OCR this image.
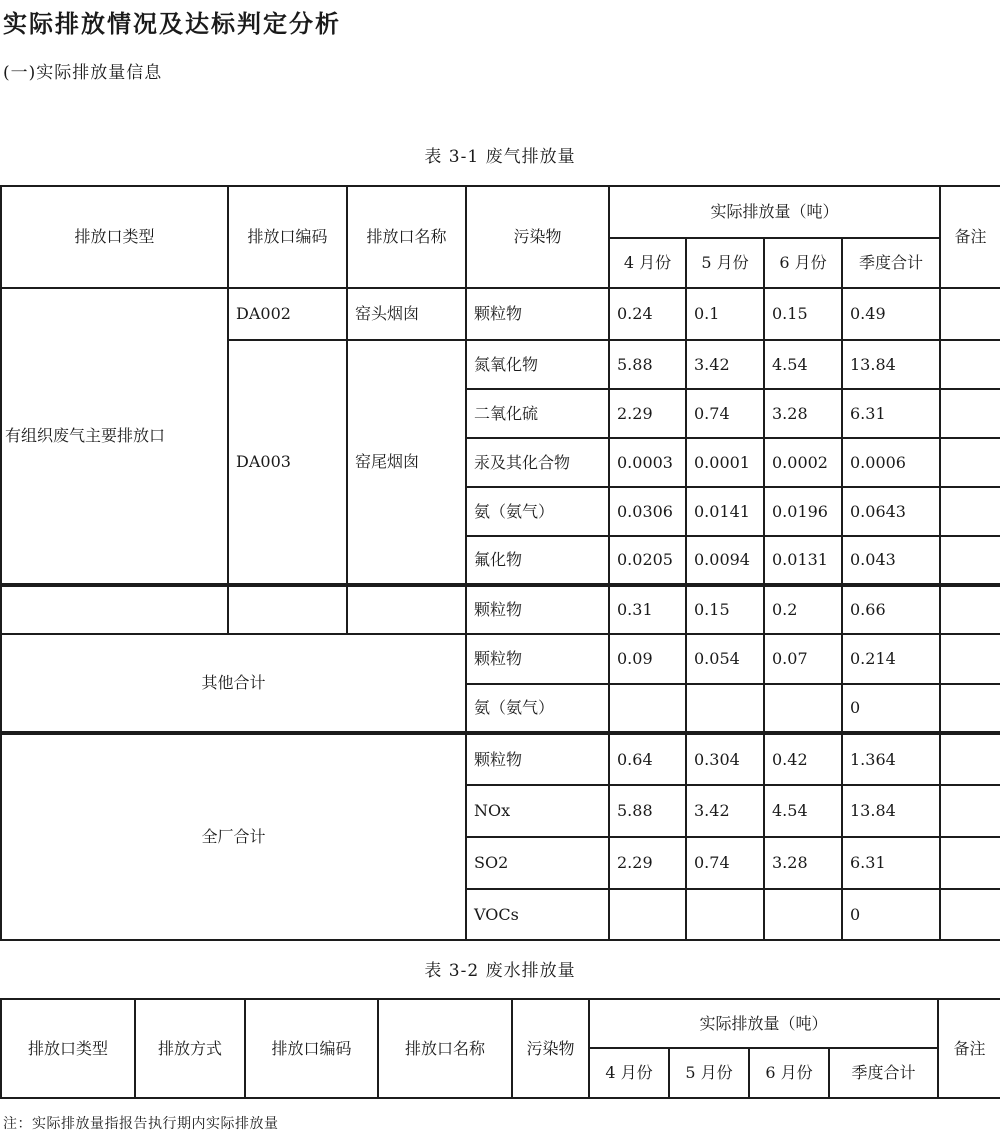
实际排放情况及达标判定分析
(一)实际排放量信息
表 3-1 废气排放量
排放口类型	排放口编码	排放口名称	污染物	实际排放量（吨）				备注
				4 月份	5 月份	6 月份	季度合计	
有组织废气主要排放口	DA002	窑头烟囱	颗粒物	0.24	0.1	0.15	0.49	
	DA003	窑尾烟囱	氮氧化物	5.88	3.42	4.54	13.84	
			二氧化硫	2.29	0.74	3.28	6.31	
			汞及其化合物	0.0003	0.0001	0.0002	0.0006	
			氨（氨气）	0.0306	0.0141	0.0196	0.0643	
			氟化物	0.0205	0.0094	0.0131	0.043	
			颗粒物	0.31	0.15	0.2	0.66	
其他合计			颗粒物	0.09	0.054	0.07	0.214	
			氨（氨气）				0	
全厂合计			颗粒物	0.64	0.304	0.42	1.364	
			NOx	5.88	3.42	4.54	13.84	
			SO2	2.29	0.74	3.28	6.31	
			VOCs				0	
表 3-2 废水排放量
排放口类型	排放方式	排放口编码	排放口名称	污染物	实际排放量（吨）				备注
					4 月份	5 月份	6 月份	季度合计	
注：实际排放量指报告执行期内实际排放量
